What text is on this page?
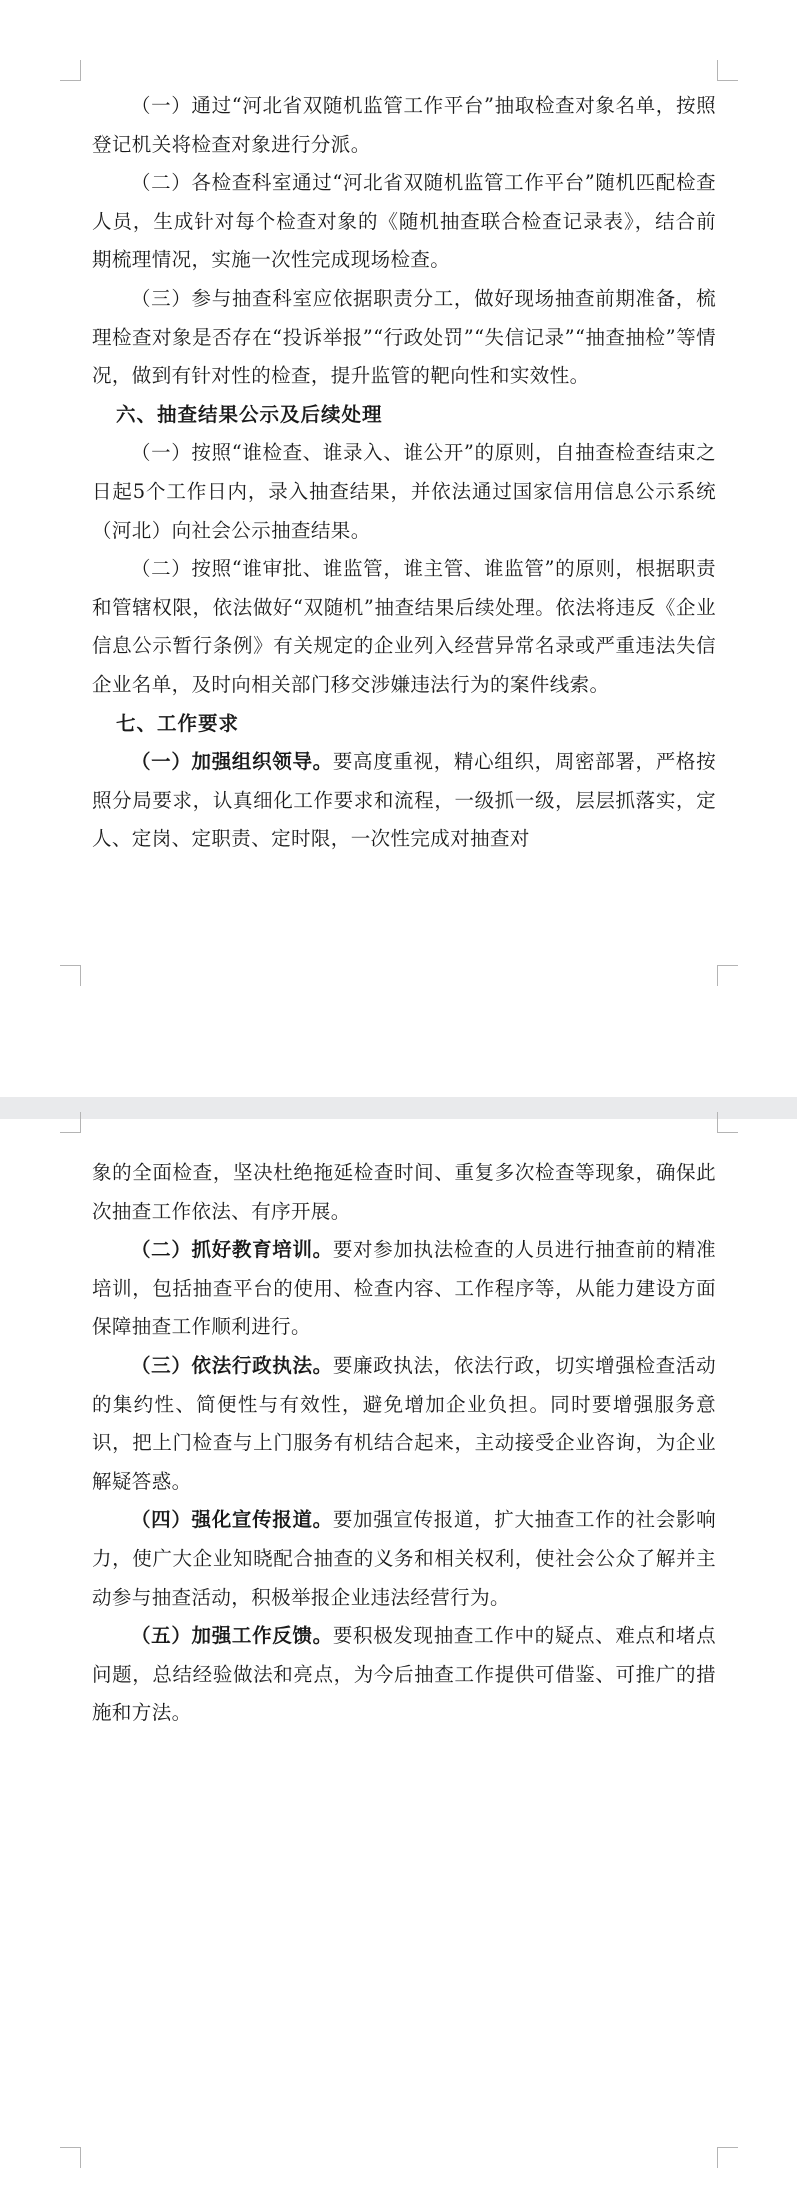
（一）通过“河北省双随机监管工作平台”抽取检查对象名单，按照登记机关将检查对象进行分派。

（二）各检查科室通过“河北省双随机监管工作平台”随机匹配检查人员，生成针对每个检查对象的《随机抽查联合检查记录表》，结合前期梳理情况，实施一次性完成现场检查。

（三）参与抽查科室应依据职责分工，做好现场抽查前期准备，梳理检查对象是否存在“投诉举报”“行政处罚”“失信记录”“抽查抽检”等情况，做到有针对性的检查，提升监管的靶向性和实效性。

六、抽查结果公示及后续处理

（一）按照“谁检查、谁录入、谁公开”的原则，自抽查检查结束之日起5个工作日内，录入抽查结果，并依法通过国家信用信息公示系统（河北）向社会公示抽查结果。

（二）按照“谁审批、谁监管，谁主管、谁监管”的原则，根据职责和管辖权限，依法做好“双随机”抽查结果后续处理。依法将违反《企业信息公示暂行条例》有关规定的企业列入经营异常名录或严重违法失信企业名单，及时向相关部门移交涉嫌违法行为的案件线索。

七、工作要求

（一）加强组织领导。要高度重视，精心组织，周密部署，严格按照分局要求，认真细化工作要求和流程，一级抓一级，层层抓落实，定人、定岗、定职责、定时限，一次性完成对抽查对

象的全面检查，坚决杜绝拖延检查时间、重复多次检查等现象，确保此次抽查工作依法、有序开展。

（二）抓好教育培训。要对参加执法检查的人员进行抽查前的精准培训，包括抽查平台的使用、检查内容、工作程序等，从能力建设方面保障抽查工作顺利进行。

（三）依法行政执法。要廉政执法，依法行政，切实增强检查活动的集约性、简便性与有效性，避免增加企业负担。同时要增强服务意识，把上门检查与上门服务有机结合起来，主动接受企业咨询，为企业解疑答惑。

（四）强化宣传报道。要加强宣传报道，扩大抽查工作的社会影响力，使广大企业知晓配合抽查的义务和相关权利，使社会公众了解并主动参与抽查活动，积极举报企业违法经营行为。

（五）加强工作反馈。要积极发现抽查工作中的疑点、难点和堵点问题，总结经验做法和亮点，为今后抽查工作提供可借鉴、可推广的措施和方法。
